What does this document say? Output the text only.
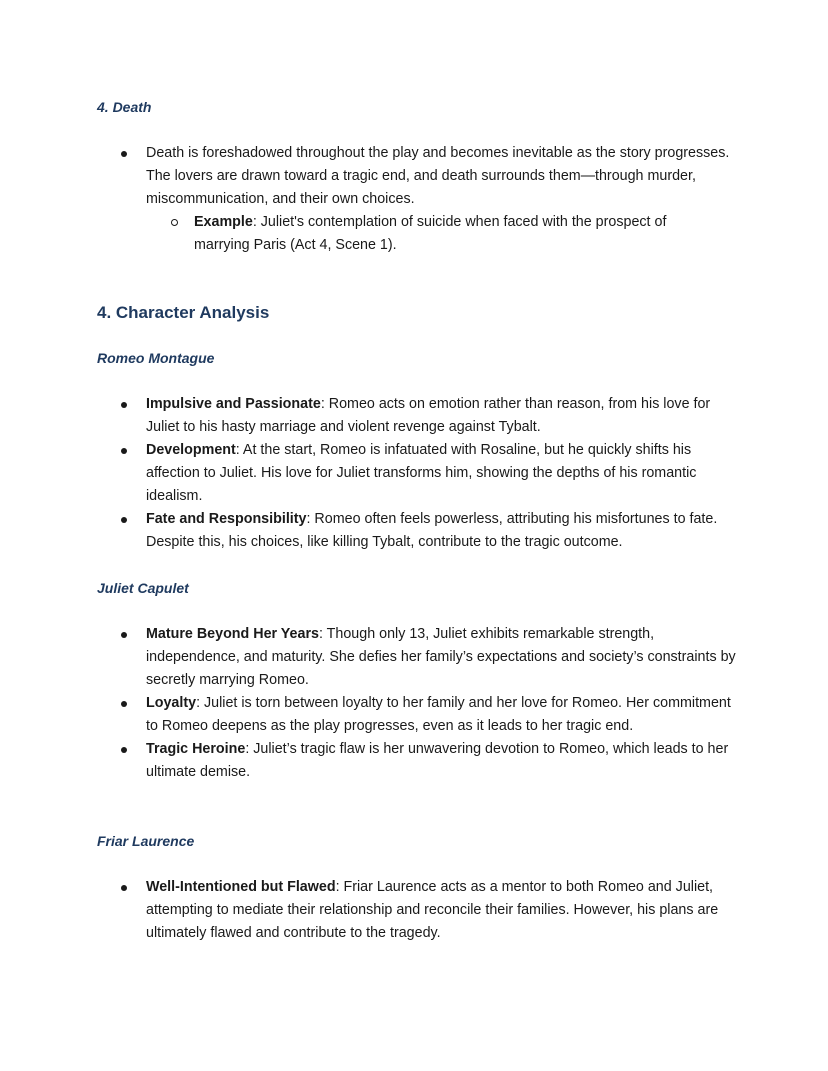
4. Death
Death is foreshadowed throughout the play and becomes inevitable as the story progresses. The lovers are drawn toward a tragic end, and death surrounds them—through murder, miscommunication, and their own choices.
Example: Juliet's contemplation of suicide when faced with the prospect of marrying Paris (Act 4, Scene 1).
4. Character Analysis
Romeo Montague
Impulsive and Passionate: Romeo acts on emotion rather than reason, from his love for Juliet to his hasty marriage and violent revenge against Tybalt.
Development: At the start, Romeo is infatuated with Rosaline, but he quickly shifts his affection to Juliet. His love for Juliet transforms him, showing the depths of his romantic idealism.
Fate and Responsibility: Romeo often feels powerless, attributing his misfortunes to fate. Despite this, his choices, like killing Tybalt, contribute to the tragic outcome.
Juliet Capulet
Mature Beyond Her Years: Though only 13, Juliet exhibits remarkable strength, independence, and maturity. She defies her family’s expectations and society’s constraints by secretly marrying Romeo.
Loyalty: Juliet is torn between loyalty to her family and her love for Romeo. Her commitment to Romeo deepens as the play progresses, even as it leads to her tragic end.
Tragic Heroine: Juliet’s tragic flaw is her unwavering devotion to Romeo, which leads to her ultimate demise.
Friar Laurence
Well-Intentioned but Flawed: Friar Laurence acts as a mentor to both Romeo and Juliet, attempting to mediate their relationship and reconcile their families. However, his plans are ultimately flawed and contribute to the tragedy.
